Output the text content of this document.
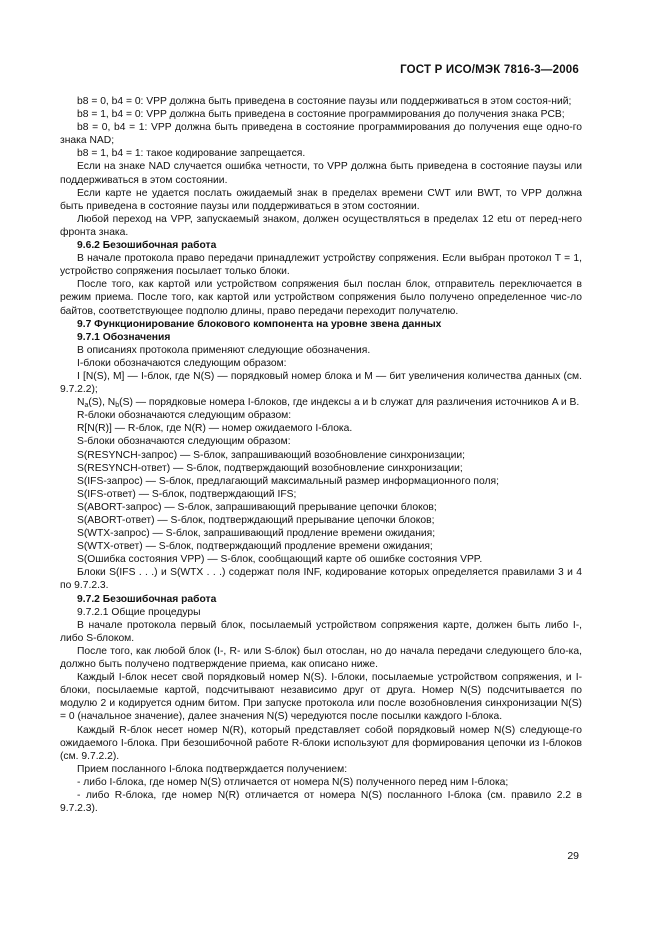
ГОСТ Р ИСО/МЭК 7816-3—2006

b8 = 0, b4 = 0: VPP должна быть приведена в состояние паузы или поддерживаться в этом состоя-ний;

b8 = 1, b4 = 0: VPP должна быть приведена в состояние программирования до получения знака PCB;

b8 = 0, b4 = 1: VPP должна быть приведена в состояние программирования до получения еще одно-го знака NAD;

b8 = 1, b4 = 1: такое кодирование запрещается.

Если на знаке NAD случается ошибка четности, то VPP должна быть приведена в состояние паузы или поддерживаться в этом состоянии.

Если карте не удается послать ожидаемый знак в пределах времени CWT или BWT, то VPP должна быть приведена в состояние паузы или поддерживаться в этом состоянии.

Любой переход на VPP, запускаемый знаком, должен осуществляться в пределах 12 etu от перед-него фронта знака.

9.6.2 Безошибочная работа

В начале протокола право передачи принадлежит устройству сопряжения. Если выбран протокол T = 1, устройство сопряжения посылает только блоки.

После того, как картой или устройством сопряжения был послан блок, отправитель переключается в режим приема. После того, как картой или устройством сопряжения было получено определенное чис-ло байтов, соответствующее подполю длины, право передачи переходит получателю.

9.7 Функционирование блокового компонента на уровне звена данных

9.7.1 Обозначения

В описаниях протокола применяют следующие обозначения.

I-блоки обозначаются следующим образом:

I [N(S), M] — I-блок, где N(S) — порядковый номер блока и M — бит увеличения количества данных (см. 9.7.2.2);

$N_a(S)$, $N_b(S)$ — порядковые номера I-блоков, где индексы a и b служат для различения источников A и B.

R-блоки обозначаются следующим образом:

R[N(R)] — R-блок, где N(R) — номер ожидаемого I-блока.

S-блоки обозначаются следующим образом:

S(RESYNCH-запрос) — S-блок, запрашивающий возобновление синхронизации;

S(RESYNCH-ответ) — S-блок, подтверждающий возобновление синхронизации;

S(IFS-запрос) — S-блок, предлагающий максимальный размер информационного поля;

S(IFS-ответ) — S-блок, подтверждающий IFS;

S(ABORT-запрос) — S-блок, запрашивающий прерывание цепочки блоков;

S(ABORT-ответ) — S-блок, подтверждающий прерывание цепочки блоков;

S(WTX-запрос) — S-блок, запрашивающий продление времени ожидания;

S(WTX-ответ) — S-блок, подтверждающий продление времени ожидания;

S(Ошибка состояния VPP) — S-блок, сообщающий карте об ошибке состояния VPP.

Блоки S(IFS . . .) и S(WTX . . .) содержат поля INF, кодирование которых определяется правилами 3 и 4 по 9.7.2.3.

9.7.2 Безошибочная работа

9.7.2.1 Общие процедуры

В начале протокола первый блок, посылаемый устройством сопряжения карте, должен быть либо I-, либо S-блоком.

После того, как любой блок (I-, R- или S-блок) был отослан, но до начала передачи следующего бло-ка, должно быть получено подтверждение приема, как описано ниже.

Каждый I-блок несет свой порядковый номер N(S). I-блоки, посылаемые устройством сопряжения, и I-блоки, посылаемые картой, подсчитывают независимо друг от друга. Номер N(S) подсчитывается по модулю 2 и кодируется одним битом. При запуске протокола или после возобновления синхронизации N(S) = 0 (начальное значение), далее значения N(S) чередуются после посылки каждого I-блока.

Каждый R-блок несет номер N(R), который представляет собой порядковый номер N(S) следующе-го ожидаемого I-блока. При безошибочной работе R-блоки используют для формирования цепочки из I-блоков (см. 9.7.2.2).

Прием посланного I-блока подтверждается получением:

- либо I-блока, где номер N(S) отличается от номера N(S) полученного перед ним I-блока;

- либо R-блока, где номер N(R) отличается от номера N(S) посланного I-блока (см. правило 2.2 в 9.7.2.3).

29
